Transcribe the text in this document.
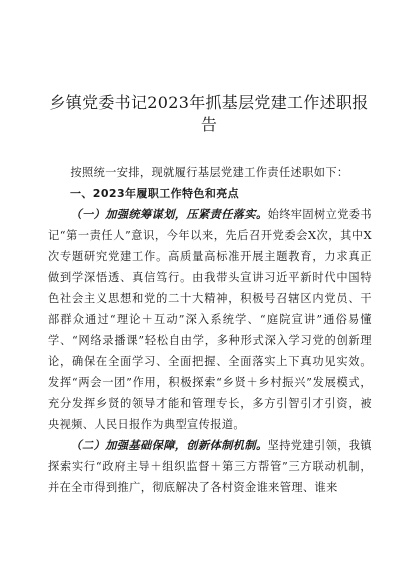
乡镇党委书记2023年抓基层党建工作述职报告

按照统一安排，现就履行基层党建工作责任述职如下：

一、2023年履职工作特色和亮点

（一）加强统筹谋划，压紧责任落实。始终牢固树立党委书记“第一责任人”意识，今年以来，先后召开党委会X次，其中X次专题研究党建工作。高质量高标准开展主题教育，力求真正做到学深悟透、真信笃行。由我带头宣讲习近平新时代中国特色社会主义思想和党的二十大精神，积极号召辖区内党员、干部群众通过“理论＋互动”深入系统学、“庭院宣讲”通俗易懂学、“网络录播课”轻松自由学，多种形式深入学习党的创新理论，确保在全面学习、全面把握、全面落实上下真功见实效。发挥“两会一团”作用，积极探索“乡贤＋乡村振兴”发展模式，充分发挥乡贤的领导才能和管理专长，多方引智引才引资，被央视频、人民日报作为典型宣传报道。

（二）加强基础保障，创新体制机制。坚持党建引领，我镇探索实行“政府主导＋组织监督＋第三方帮管”三方联动机制，并在全市得到推广，彻底解决了各村资金谁来管理、谁来
